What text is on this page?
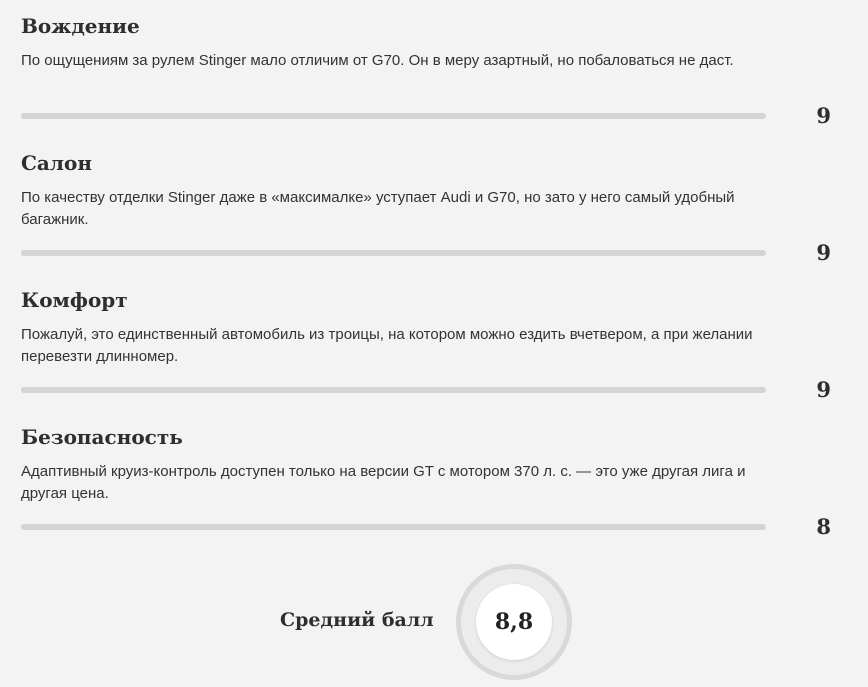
Вождение

По ощущениям за рулем Stinger мало отличим от G70. Он в меру азартный, но побаловаться не даст.

9
Салон

По качеству отделки Stinger даже в «максималке» уступает Audi и G70, но зато у него самый удобный багажник.

9
Комфорт

Пожалуй, это единственный автомобиль из троицы, на котором можно ездить вчетвером, а при желании перевезти длинномер.

9
Безопасность

Адаптивный круиз-контроль доступен только на версии GT с мотором 370 л. с. — это уже другая лига и другая цена.

8
Средний балл	8,8
